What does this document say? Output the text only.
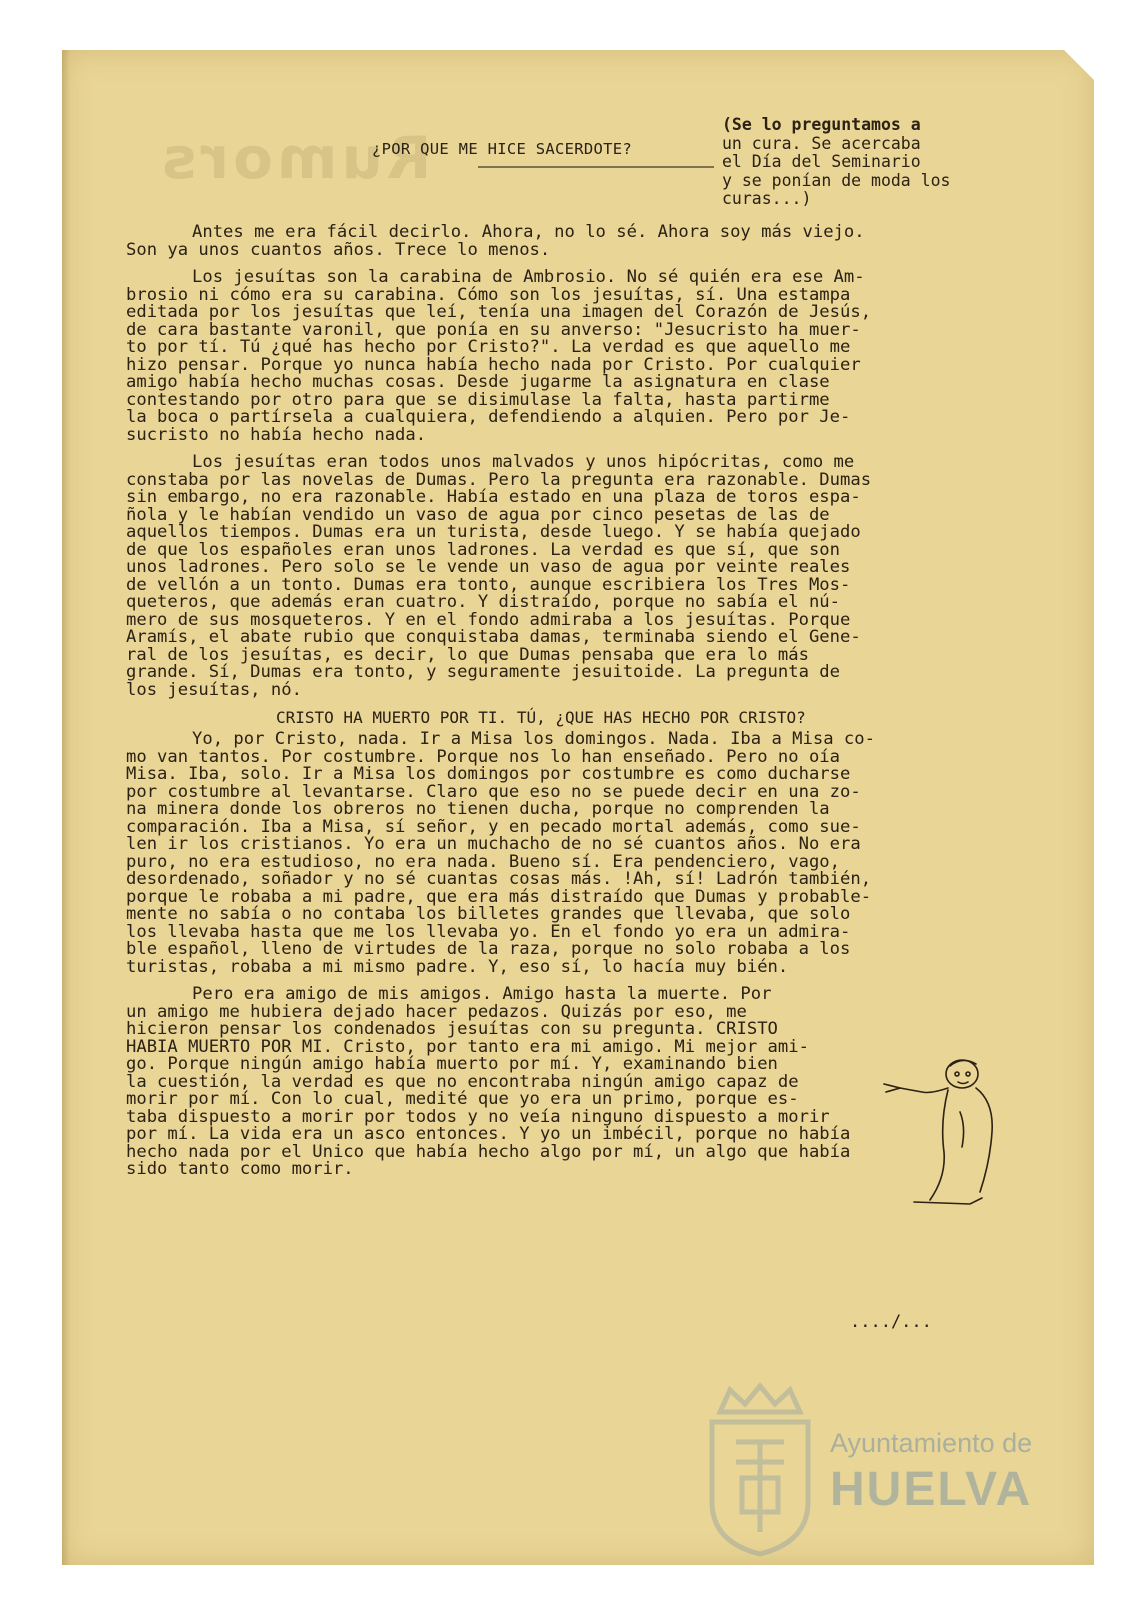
Rumors

¿POR QUE ME HICE SACERDOTE?

(Se lo preguntamos a
un cura. Se acercaba
el Día del Seminario
y se ponían de moda los
curas...)

Antes me era fácil decirlo. Ahora, no lo sé. Ahora soy más viejo.
Son ya unos cuantos años. Trece lo menos.

Los jesuítas son la carabina de Ambrosio. No sé quién era ese Am-
brosio ni cómo era su carabina. Cómo son los jesuítas, sí. Una estampa
editada por los jesuítas que leí, tenía una imagen del Corazón de Jesús,
de cara bastante varonil, que ponía en su anverso: "Jesucristo ha muer-
to por tí. Tú ¿qué has hecho por Cristo?". La verdad es que aquello me
hizo pensar. Porque yo nunca había hecho nada por Cristo. Por cualquier
amigo había hecho muchas cosas. Desde jugarme la asignatura en clase
contestando por otro para que se disimulase la falta, hasta partirme
la boca o partírsela a cualquiera, defendiendo a alquien. Pero por Je-
sucristo no había hecho nada.

Los jesuítas eran todos unos malvados y unos hipócritas, como me
constaba por las novelas de Dumas. Pero la pregunta era razonable. Dumas
sin embargo, no era razonable. Había estado en una plaza de toros espa-
ñola y le habían vendido un vaso de agua por cinco pesetas de las de
aquellos tiempos. Dumas era un turista, desde luego. Y se había quejado
de que los españoles eran unos ladrones. La verdad es que sí, que son
unos ladrones. Pero solo se le vende un vaso de agua por veinte reales
de vellón a un tonto. Dumas era tonto, aunque escribiera los Tres Mos-
queteros, que además eran cuatro. Y distraído, porque no sabía el nú-
mero de sus mosqueteros. Y en el fondo admiraba a los jesuítas. Porque
Aramís, el abate rubio que conquistaba damas, terminaba siendo el Gene-
ral de los jesuítas, es decir, lo que Dumas pensaba que era lo más
grande. Sí, Dumas era tonto, y seguramente jesuitoide. La pregunta de
los jesuítas, nó.

CRISTO HA MUERTO POR TI. TÚ, ¿QUE HAS HECHO POR CRISTO?

Yo, por Cristo, nada. Ir a Misa los domingos. Nada. Iba a Misa co-
mo van tantos. Por costumbre. Porque nos lo han enseñado. Pero no oía
Misa. Iba, solo. Ir a Misa los domingos por costumbre es como ducharse
por costumbre al levantarse. Claro que eso no se puede decir en una zo-
na minera donde los obreros no tienen ducha, porque no comprenden la
comparación. Iba a Misa, sí señor, y en pecado mortal además, como sue-
len ir los cristianos. Yo era un muchacho de no sé cuantos años. No era
puro, no era estudioso, no era nada. Bueno sí. Era pendenciero, vago,
desordenado, soñador y no sé cuantas cosas más. !Ah, sí! Ladrón también,
porque le robaba a mi padre, que era más distraído que Dumas y probable-
mente no sabía o no contaba los billetes grandes que llevaba, que solo
los llevaba hasta que me los llevaba yo. En el fondo yo era un admira-
ble español, lleno de virtudes de la raza, porque no solo robaba a los
turistas, robaba a mi mismo padre. Y, eso sí, lo hacía muy bién.

Pero era amigo de mis amigos. Amigo hasta la muerte. Por
un amigo me hubiera dejado hacer pedazos. Quizás por eso, me
hicieron pensar los condenados jesuítas con su pregunta. CRISTO
HABIA MUERTO POR MI. Cristo, por tanto era mi amigo. Mi mejor ami-
go. Porque ningún amigo había muerto por mí. Y, examinando bien
la cuestión, la verdad es que no encontraba ningún amigo capaz de
morir por mí. Con lo cual, medité que yo era un primo, porque es-
taba dispuesto a morir por todos y no veía ninguno dispuesto a morir
por mí. La vida era un asco entonces. Y yo un imbécil, porque no había
hecho nada por el Unico que había hecho algo por mí, un algo que había
sido tanto como morir.

..../...

Ayuntamiento de

HUELVA
